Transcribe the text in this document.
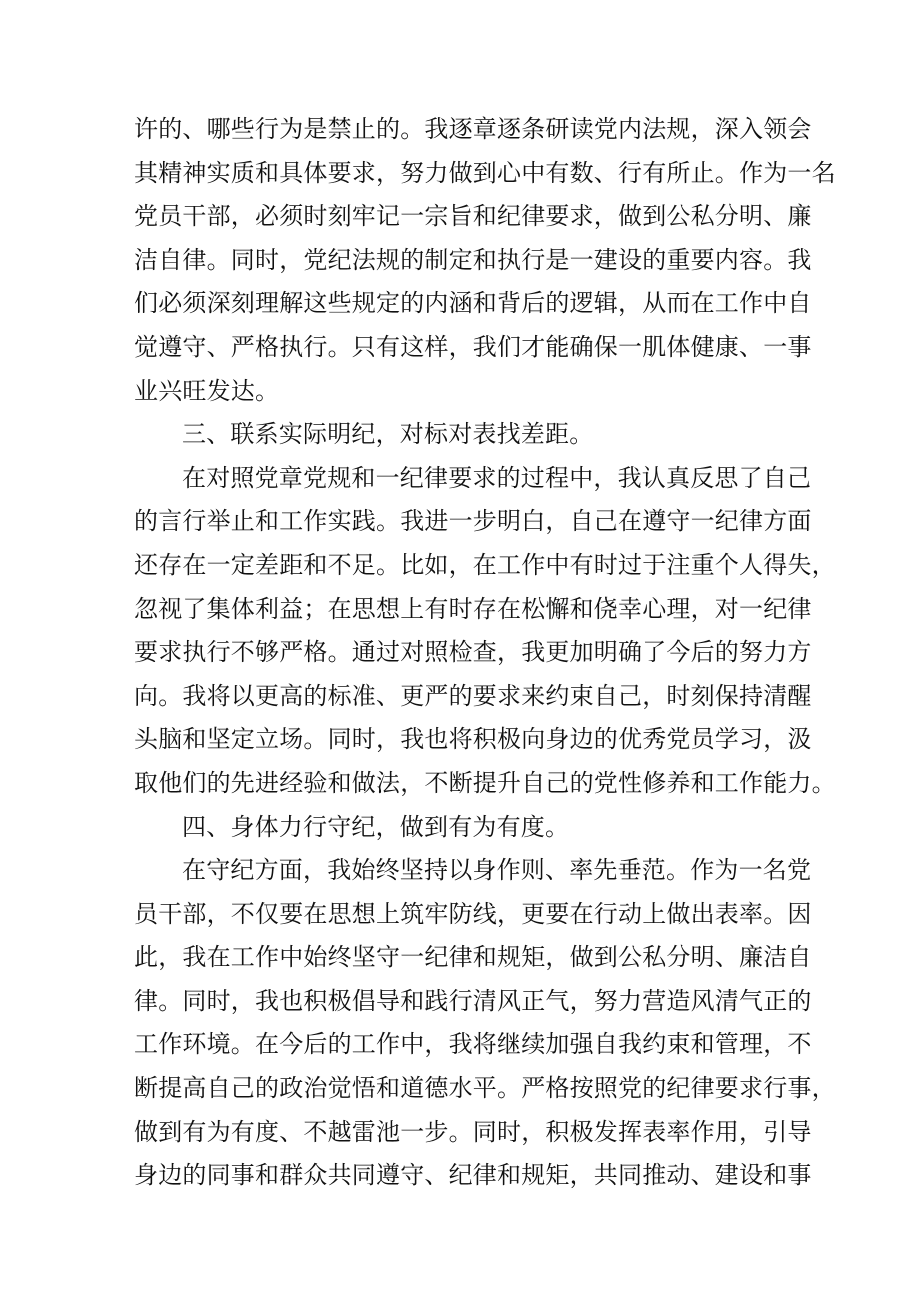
许的、哪些行为是禁止的。我逐章逐条研读党内法规，深入领会
其精神实质和具体要求，努力做到心中有数、行有所止。作为一名
党员干部，必须时刻牢记一宗旨和纪律要求，做到公私分明、廉
洁自律。同时，党纪法规的制定和执行是一建设的重要内容。我
们必须深刻理解这些规定的内涵和背后的逻辑，从而在工作中自
觉遵守、严格执行。只有这样，我们才能确保一肌体健康、一事
业兴旺发达。
三、联系实际明纪，对标对表找差距。
在对照党章党规和一纪律要求的过程中，我认真反思了自己
的言行举止和工作实践。我进一步明白，自己在遵守一纪律方面
还存在一定差距和不足。比如，在工作中有时过于注重个人得失，
忽视了集体利益；在思想上有时存在松懈和侥幸心理，对一纪律
要求执行不够严格。通过对照检查，我更加明确了今后的努力方
向。我将以更高的标准、更严的要求来约束自己，时刻保持清醒
头脑和坚定立场。同时，我也将积极向身边的优秀党员学习，汲
取他们的先进经验和做法，不断提升自己的党性修养和工作能力。
四、身体力行守纪，做到有为有度。
在守纪方面，我始终坚持以身作则、率先垂范。作为一名党
员干部，不仅要在思想上筑牢防线，更要在行动上做出表率。因
此，我在工作中始终坚守一纪律和规矩，做到公私分明、廉洁自
律。同时，我也积极倡导和践行清风正气，努力营造风清气正的
工作环境。在今后的工作中，我将继续加强自我约束和管理，不
断提高自己的政治觉悟和道德水平。严格按照党的纪律要求行事，
做到有为有度、不越雷池一步。同时，积极发挥表率作用，引导
身边的同事和群众共同遵守、纪律和规矩，共同推动、建设和事
